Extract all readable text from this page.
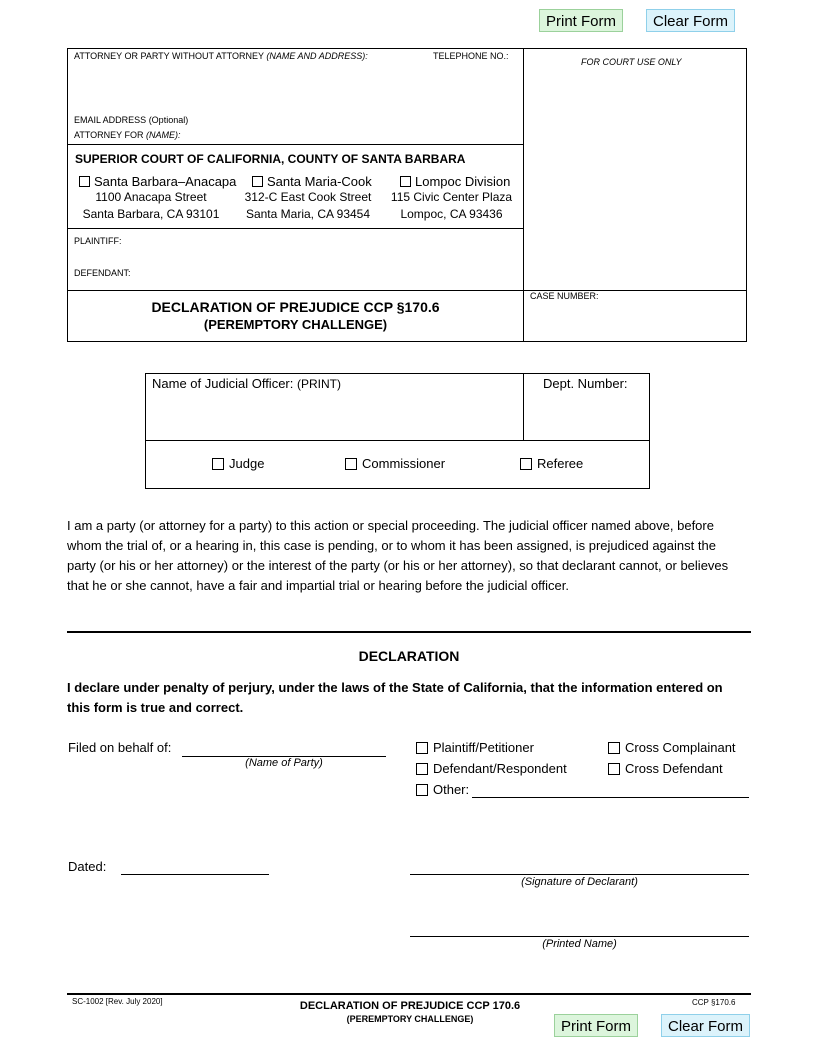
Print Form	Clear Form
ATTORNEY OR PARTY WITHOUT ATTORNEY (NAME AND ADDRESS):	TELEPHONE NO.:
FOR COURT USE ONLY
EMAIL ADDRESS (Optional)
ATTORNEY FOR (NAME):
SUPERIOR COURT OF CALIFORNIA, COUNTY OF SANTA BARBARA
Santa Barbara–Anacapa
1100 Anacapa Street
Santa Barbara, CA 93101
Santa Maria-Cook
312-C East Cook Street
Santa Maria, CA 93454
Lompoc Division
115 Civic Center Plaza
Lompoc, CA 93436
PLAINTIFF:
DEFENDANT:
DECLARATION OF PREJUDICE CCP §170.6
(PEREMPTORY CHALLENGE)
CASE NUMBER:
Name of Judicial Officer: (PRINT)	Dept. Number:
Judge	Commissioner	Referee
I am a party (or attorney for a party) to this action or special proceeding. The judicial officer named above, before
whom the trial of, or a hearing in, this case is pending, or to whom it has been assigned, is prejudiced against the
party (or his or her attorney) or the interest of the party (or his or her attorney), so that declarant cannot, or believes
that he or she cannot, have a fair and impartial trial or hearing before the judicial officer.
DECLARATION
I declare under penalty of perjury, under the laws of the State of California, that the information entered on
this form is true and correct.
Filed on behalf of:
(Name of Party)
Plaintiff/Petitioner
Defendant/Respondent
Other:
Cross Complainant
Cross Defendant
Dated:
(Signature of Declarant)
(Printed Name)
SC-1002 [Rev. July 2020]	DECLARATION OF PREJUDICE CCP 170.6
(PEREMPTORY CHALLENGE)
CCP §170.6
Print Form	Clear Form
